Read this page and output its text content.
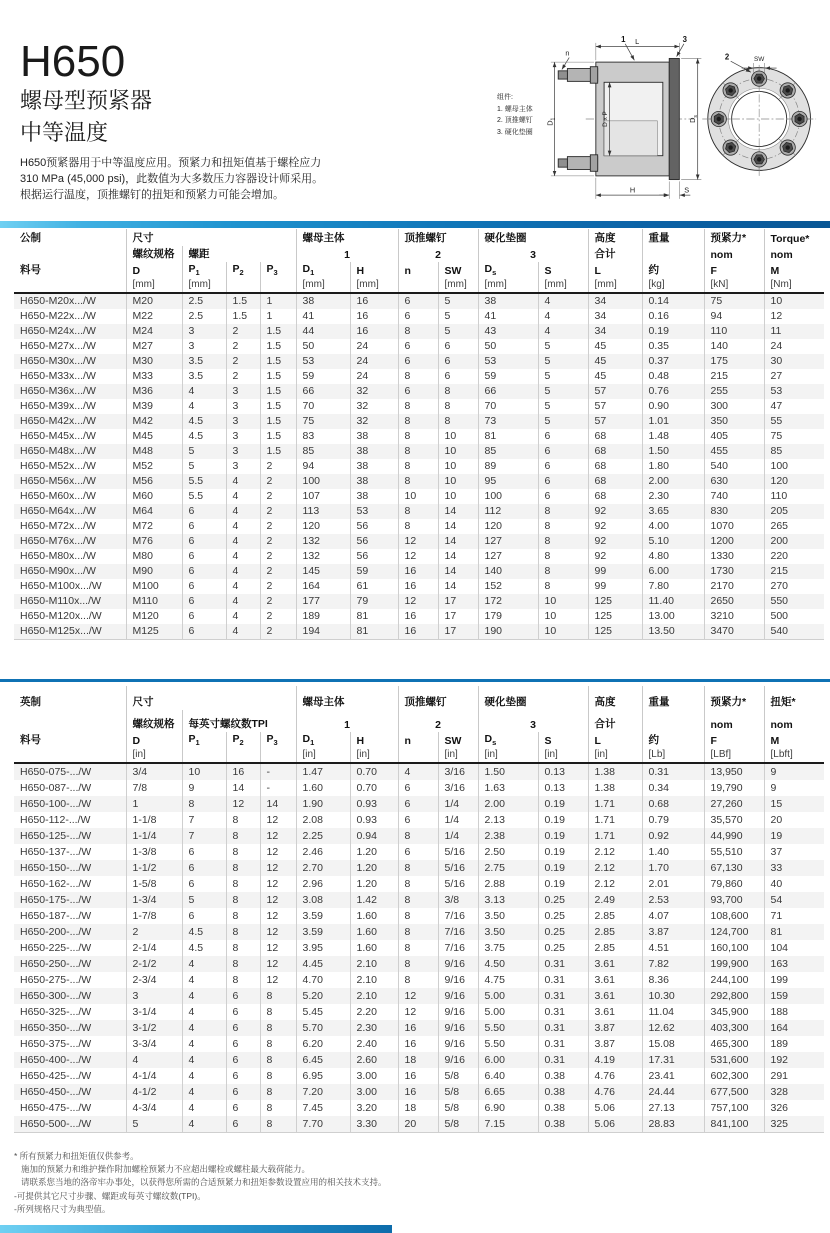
H650
螺母型预紧器
中等温度
H650预紧器用于中等温度应用。预紧力和扭矩值基于螺栓应力
310 MPa (45,000 psi)，此数值为大多数压力容器设计师采用。
根据运行温度，顶推螺钉的扭矩和预紧力可能会增加。
组件:
1. 螺母主体
2. 顶推螺钉
3. 硬化垫圈
L
n
1	3
$D_1$	D x P	$D_s$
H	S
SW
2
公制	尺寸				螺母主体		顶推螺钉		硬化垫圈		高度	重量	预紧力*	Torque*
	螺纹规格	螺距			1		2		3		合计		nom	nom
料号	D	$P_1$	$P_2$	$P_3$	$D_1$	H	n	SW	$D_s$	S	L	约	F	M
	[mm]	[mm]			[mm]	[mm]		[mm]	[mm]	[mm]	[mm]	[kg]	[kN]	[Nm]
H650-M20x.../W	M20	2.5	1.5	1	38	16	6	5	38	4	34	0.14	75	10
H650-M22x.../W	M22	2.5	1.5	1	41	16	6	5	41	4	34	0.16	94	12
H650-M24x.../W	M24	3	2	1.5	44	16	8	5	43	4	34	0.19	110	11
H650-M27x.../W	M27	3	2	1.5	50	24	6	6	50	5	45	0.35	140	24
H650-M30x.../W	M30	3.5	2	1.5	53	24	6	6	53	5	45	0.37	175	30
H650-M33x.../W	M33	3.5	2	1.5	59	24	8	6	59	5	45	0.48	215	27
H650-M36x.../W	M36	4	3	1.5	66	32	6	8	66	5	57	0.76	255	53
H650-M39x.../W	M39	4	3	1.5	70	32	8	8	70	5	57	0.90	300	47
H650-M42x.../W	M42	4.5	3	1.5	75	32	8	8	73	5	57	1.01	350	55
H650-M45x.../W	M45	4.5	3	1.5	83	38	8	10	81	6	68	1.48	405	75
H650-M48x.../W	M48	5	3	1.5	85	38	8	10	85	6	68	1.50	455	85
H650-M52x.../W	M52	5	3	2	94	38	8	10	89	6	68	1.80	540	100
H650-M56x.../W	M56	5.5	4	2	100	38	8	10	95	6	68	2.00	630	120
H650-M60x.../W	M60	5.5	4	2	107	38	10	10	100	6	68	2.30	740	110
H650-M64x.../W	M64	6	4	2	113	53	8	14	112	8	92	3.65	830	205
H650-M72x.../W	M72	6	4	2	120	56	8	14	120	8	92	4.00	1070	265
H650-M76x.../W	M76	6	4	2	132	56	12	14	127	8	92	5.10	1200	200
H650-M80x.../W	M80	6	4	2	132	56	12	14	127	8	92	4.80	1330	220
H650-M90x.../W	M90	6	4	2	145	59	16	14	140	8	99	6.00	1730	215
H650-M100x.../W	M100	6	4	2	164	61	16	14	152	8	99	7.80	2170	270
H650-M110x.../W	M110	6	4	2	177	79	12	17	172	10	125	11.40	2650	550
H650-M120x.../W	M120	6	4	2	189	81	16	17	179	10	125	13.00	3210	500
H650-M125x.../W	M125	6	4	2	194	81	16	17	190	10	125	13.50	3470	540
英制	尺寸				螺母主体		顶推螺钉		硬化垫圈		高度	重量	预紧力*	扭矩*
	螺纹规格	每英寸螺纹数TPI			1		2		3		合计		nom	nom
料号	D	$P_1$	$P_2$	$P_3$	$D_1$	H	n	SW	$D_s$	S	L	约	F	M
	[in]				[in]	[in]		[in]	[in]	[in]	[in]	[Lb]	[LBf]	[Lbft]
H650-075-.../W	3/4	10	16	-	1.47	0.70	4	3/16	1.50	0.13	1.38	0.31	13,950	9
H650-087-.../W	7/8	9	14	-	1.60	0.70	6	3/16	1.63	0.13	1.38	0.34	19,790	9
H650-100-.../W	1	8	12	14	1.90	0.93	6	1/4	2.00	0.19	1.71	0.68	27,260	15
H650-112-.../W	1-1/8	7	8	12	2.08	0.93	6	1/4	2.13	0.19	1.71	0.79	35,570	20
H650-125-.../W	1-1/4	7	8	12	2.25	0.94	8	1/4	2.38	0.19	1.71	0.92	44,990	19
H650-137-.../W	1-3/8	6	8	12	2.46	1.20	6	5/16	2.50	0.19	2.12	1.40	55,510	37
H650-150-.../W	1-1/2	6	8	12	2.70	1.20	8	5/16	2.75	0.19	2.12	1.70	67,130	33
H650-162-.../W	1-5/8	6	8	12	2.96	1.20	8	5/16	2.88	0.19	2.12	2.01	79,860	40
H650-175-.../W	1-3/4	5	8	12	3.08	1.42	8	3/8	3.13	0.25	2.49	2.53	93,700	54
H650-187-.../W	1-7/8	6	8	12	3.59	1.60	8	7/16	3.50	0.25	2.85	4.07	108,600	71
H650-200-.../W	2	4.5	8	12	3.59	1.60	8	7/16	3.50	0.25	2.85	3.87	124,700	81
H650-225-.../W	2-1/4	4.5	8	12	3.95	1.60	8	7/16	3.75	0.25	2.85	4.51	160,100	104
H650-250-.../W	2-1/2	4	8	12	4.45	2.10	8	9/16	4.50	0.31	3.61	7.82	199,900	163
H650-275-.../W	2-3/4	4	8	12	4.70	2.10	8	9/16	4.75	0.31	3.61	8.36	244,100	199
H650-300-.../W	3	4	6	8	5.20	2.10	12	9/16	5.00	0.31	3.61	10.30	292,800	159
H650-325-.../W	3-1/4	4	6	8	5.45	2.20	12	9/16	5.00	0.31	3.61	11.04	345,900	188
H650-350-.../W	3-1/2	4	6	8	5.70	2.30	16	9/16	5.50	0.31	3.87	12.62	403,300	164
H650-375-.../W	3-3/4	4	6	8	6.20	2.40	16	9/16	5.50	0.31	3.87	15.08	465,300	189
H650-400-.../W	4	4	6	8	6.45	2.60	18	9/16	6.00	0.31	4.19	17.31	531,600	192
H650-425-.../W	4-1/4	4	6	8	6.95	3.00	16	5/8	6.40	0.38	4.76	23.41	602,300	291
H650-450-.../W	4-1/2	4	6	8	7.20	3.00	16	5/8	6.65	0.38	4.76	24.44	677,500	328
H650-475-.../W	4-3/4	4	6	8	7.45	3.20	18	5/8	6.90	0.38	5.06	27.13	757,100	326
H650-500-.../W	5	4	6	8	7.70	3.30	20	5/8	7.15	0.38	5.06	28.83	841,100	325
* 所有预紧力和扭矩值仅供参考。
施加的预紧力和维护操作附加螺栓预紧力不应超出螺栓或螺柱最大载荷能力。
请联系您当地的洛帝牢办事处，以获得您所需的合适预紧力和扭矩参数设置应用的相关技术支持。
-可提供其它尺寸步骤、螺距或每英寸螺纹数(TPI)。
-所列规格尺寸为典型值。
